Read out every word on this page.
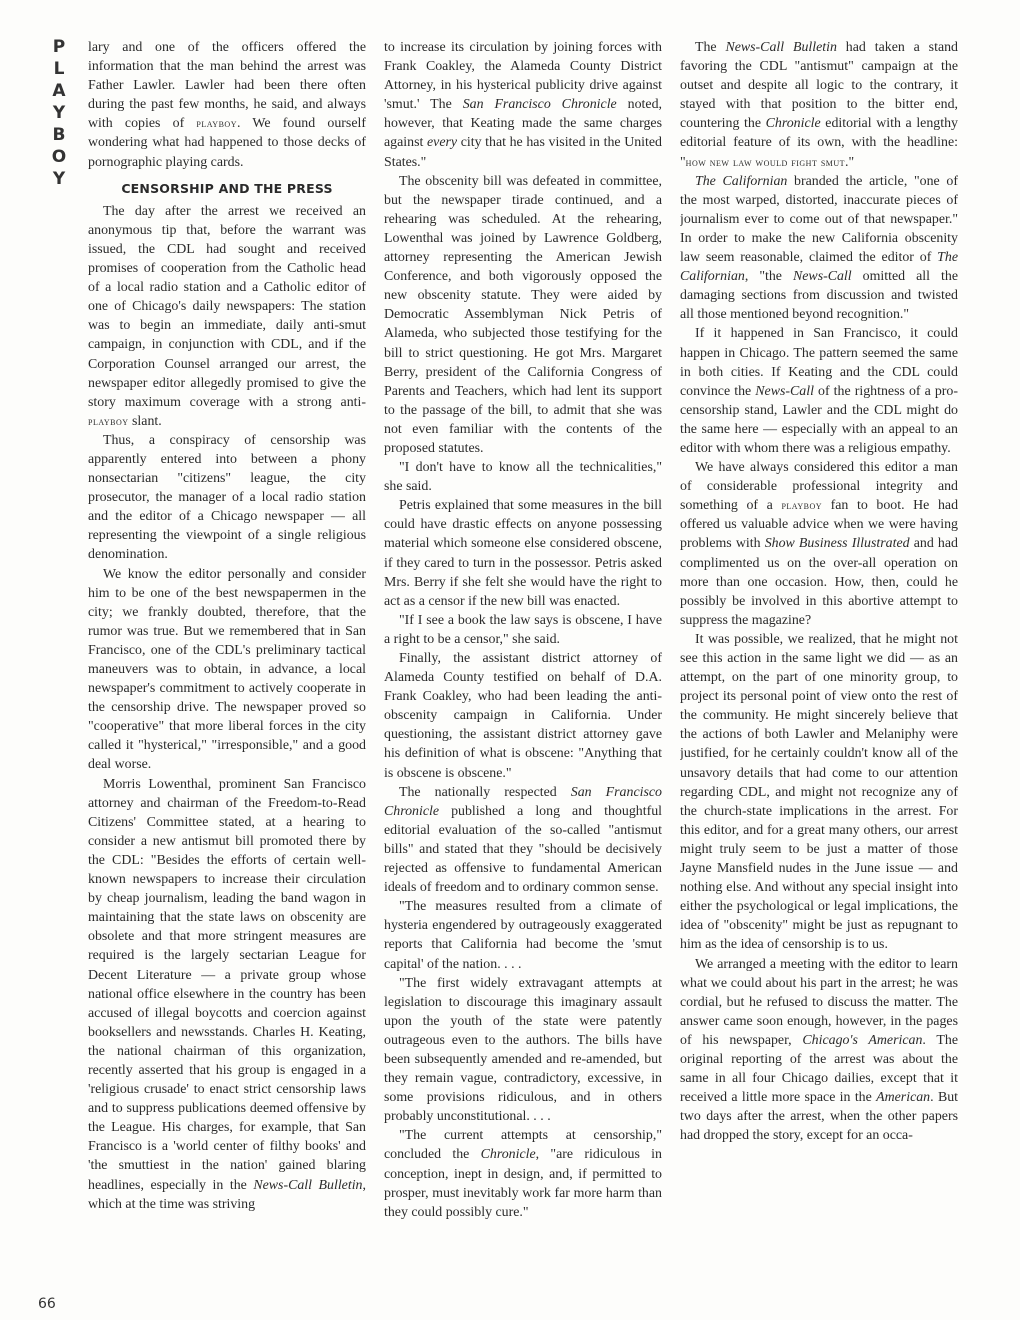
P
L
A
Y
B
O
Y

lary and one of the officers offered the information that the man behind the arrest was Father Lawler. Lawler had been there often during the past few months, he said, and always with copies of playboy. We found ourself wondering what had happened to those decks of pornographic playing cards.

CENSORSHIP AND THE PRESS

The day after the arrest we received an anonymous tip that, before the warrant was issued, the CDL had sought and received promises of cooperation from the Catholic head of a local radio station and a Catholic editor of one of Chicago's daily newspapers: The station was to begin an immediate, daily anti-smut campaign, in conjunction with CDL, and if the Corporation Counsel arranged our arrest, the newspaper editor allegedly promised to give the story maximum coverage with a strong anti-playboy slant.

Thus, a conspiracy of censorship was apparently entered into between a phony nonsectarian "citizens" league, the city prosecutor, the manager of a local radio station and the editor of a Chicago newspaper — all representing the viewpoint of a single religious denomination.

We know the editor personally and consider him to be one of the best newspapermen in the city; we frankly doubted, therefore, that the rumor was true. But we remembered that in San Francisco, one of the CDL's preliminary tactical maneuvers was to obtain, in advance, a local newspaper's commitment to actively cooperate in the censorship drive. The newspaper proved so "cooperative" that more liberal forces in the city called it "hysterical," "irresponsible," and a good deal worse.

Morris Lowenthal, prominent San Francisco attorney and chairman of the Freedom-to-Read Citizens' Committee stated, at a hearing to consider a new antismut bill promoted there by the CDL: "Besides the efforts of certain well-known newspapers to increase their circulation by cheap journalism, leading the band wagon in maintaining that the state laws on obscenity are obsolete and that more stringent measures are required is the largely sectarian League for Decent Literature — a private group whose national office elsewhere in the country has been accused of illegal boycotts and coercion against booksellers and newsstands. Charles H. Keating, the national chairman of this organization, recently asserted that his group is engaged in a 'religious crusade' to enact strict censorship laws and to suppress publications deemed offensive by the League. His charges, for example, that San Francisco is a 'world center of filthy books' and 'the smuttiest in the nation' gained blaring headlines, especially in the News-Call Bulletin, which at the time was striving

to increase its circulation by joining forces with Frank Coakley, the Alameda County District Attorney, in his hysterical publicity drive against 'smut.' The San Francisco Chronicle noted, however, that Keating made the same charges against every city that he has visited in the United States."

The obscenity bill was defeated in committee, but the newspaper tirade continued, and a rehearing was scheduled. At the rehearing, Lowenthal was joined by Lawrence Goldberg, attorney representing the American Jewish Conference, and both vigorously opposed the new obscenity statute. They were aided by Democratic Assemblyman Nick Petris of Alameda, who subjected those testifying for the bill to strict questioning. He got Mrs. Margaret Berry, president of the California Congress of Parents and Teachers, which had lent its support to the passage of the bill, to admit that she was not even familiar with the contents of the proposed statutes.

"I don't have to know all the technicalities," she said.

Petris explained that some measures in the bill could have drastic effects on anyone possessing material which someone else considered obscene, if they cared to turn in the possessor. Petris asked Mrs. Berry if she felt she would have the right to act as a censor if the new bill was enacted.

"If I see a book the law says is obscene, I have a right to be a censor," she said.

Finally, the assistant district attorney of Alameda County testified on behalf of D.A. Frank Coakley, who had been leading the anti-obscenity campaign in California. Under questioning, the assistant district attorney gave his definition of what is obscene: "Anything that is obscene is obscene."

The nationally respected San Francisco Chronicle published a long and thoughtful editorial evaluation of the so-called "antismut bills" and stated that they "should be decisively rejected as offensive to fundamental American ideals of freedom and to ordinary common sense.

"The measures resulted from a climate of hysteria engendered by outrageously exaggerated reports that California had become the 'smut capital' of the nation. . . .

"The first widely extravagant attempts at legislation to discourage this imaginary assault upon the youth of the state were patently outrageous even to the authors. The bills have been subsequently amended and re-amended, but they remain vague, contradictory, excessive, in some provisions ridiculous, and in others probably unconstitutional. . . .

"The current attempts at censorship," concluded the Chronicle, "are ridiculous in conception, inept in design, and, if permitted to prosper, must inevitably work far more harm than they could possibly cure."

The News-Call Bulletin had taken a stand favoring the CDL "antismut" campaign at the outset and despite all logic to the contrary, it stayed with that position to the bitter end, countering the Chronicle editorial with a lengthy editorial feature of its own, with the headline: "how new law would fight smut."

The Californian branded the article, "one of the most warped, distorted, inaccurate pieces of journalism ever to come out of that newspaper." In order to make the new California obscenity law seem reasonable, claimed the editor of The Californian, "the News-Call omitted all the damaging sections from discussion and twisted all those mentioned beyond recognition."

If it happened in San Francisco, it could happen in Chicago. The pattern seemed the same in both cities. If Keating and the CDL could convince the News-Call of the rightness of a pro-censorship stand, Lawler and the CDL might do the same here — especially with an appeal to an editor with whom there was a religious empathy.

We have always considered this editor a man of considerable professional integrity and something of a playboy fan to boot. He had offered us valuable advice when we were having problems with Show Business Illustrated and had complimented us on the over-all operation on more than one occasion. How, then, could he possibly be involved in this abortive attempt to suppress the magazine?

It was possible, we realized, that he might not see this action in the same light we did — as an attempt, on the part of one minority group, to project its personal point of view onto the rest of the community. He might sincerely believe that the actions of both Lawler and Melaniphy were justified, for he certainly couldn't know all of the unsavory details that had come to our attention regarding CDL, and might not recognize any of the church-state implications in the arrest. For this editor, and for a great many others, our arrest might truly seem to be just a matter of those Jayne Mansfield nudes in the June issue — and nothing else. And without any special insight into either the psychological or legal implications, the idea of "obscenity" might be just as repugnant to him as the idea of censorship is to us.

We arranged a meeting with the editor to learn what we could about his part in the arrest; he was cordial, but he refused to discuss the matter. The answer came soon enough, however, in the pages of his newspaper, Chicago's American. The original reporting of the arrest was about the same in all four Chicago dailies, except that it received a little more space in the American. But two days after the arrest, when the other papers had dropped the story, except for an occa-

66
